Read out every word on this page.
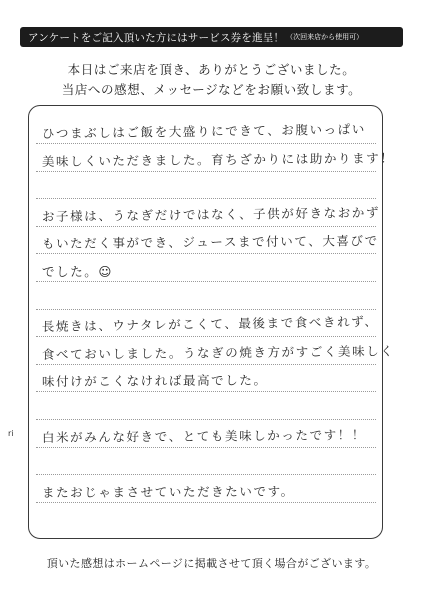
アンケートをご記入頂いた方にはサービス券を進呈！ （次回来店から使用可）
本日はご来店を頂き、ありがとうございました。
当店への感想、メッセージなどをお願い致します。
ひつまぶしはご飯を大盛りにできて、お腹いっぱい
美味しくいただきました。育ちざかりには助かります！
お子様は、うなぎだけではなく、子供が好きなおかず
もいただく事ができ、ジュースまで付いて、大喜びで
でした。☺
長焼きは、ウナタレがこくて、最後まで食べきれず、
食べておいしました。うなぎの焼き方がすごく美味しく
味付けがこくなければ最高でした。
白米がみんな好きで、とても美味しかったです！！
またおじゃまさせていただきたいです。
ri
頂いた感想はホームページに掲載させて頂く場合がございます。
